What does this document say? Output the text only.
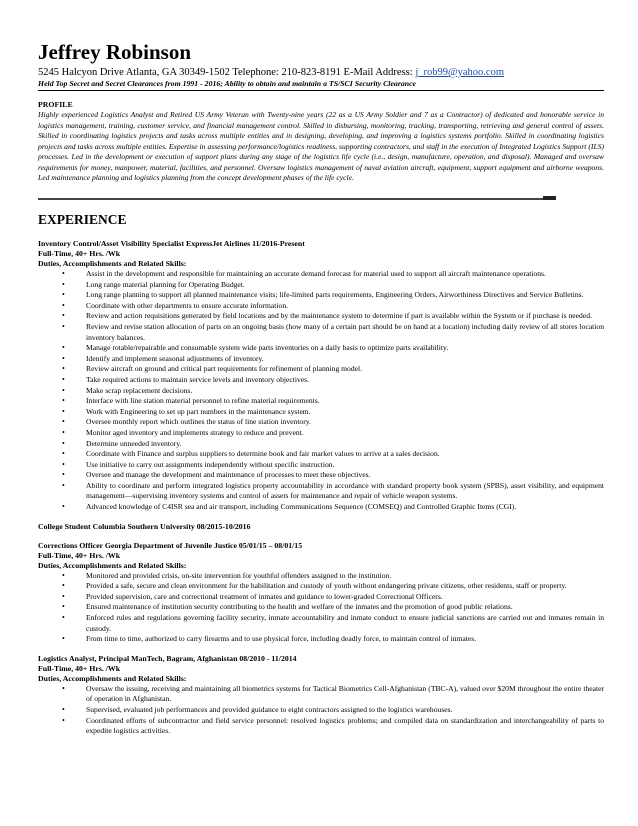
Jeffrey Robinson
5245 Halcyon Drive Atlanta, GA 30349-1502 Telephone: 210-823-8191 E-Mail Address: j_rob99@yahoo.com
Held Top Secret and Secret Clearances from 1991 - 2016; Ability to obtain and maintain a TS/SCI Security Clearance
PROFILE
Highly experienced Logistics Analyst and Retired US Army Veteran with Twenty-nine years (22 as a US Army Soldier and 7 as a Contractor) of dedicated and honorable service in logistics management, training, customer service, and financial management control. Skilled in disbursing, monitoring, tracking, transporting, retrieving and general control of assets. Skilled in coordinating logistics projects and tasks across multiple entities and in designing, developing, and improving a logistics systems portfolio. Skilled in coordinating logistics projects and tasks across multiple entities. Expertise in assessing performance/logistics readiness, supporting contractors, and staff in the execution of Integrated Logistics Support (ILS) processes. Led in the development or execution of support plans during any stage of the logistics life cycle (i.e., design, manufacture, operation, and disposal). Managed and oversaw requirements for money, manpower, material, facilities, and personnel. Oversaw logistics management of naval aviation aircraft, equipment, support equipment and airborne weapons. Led maintenance planning and logistics planning from the concept development phases of the life cycle.
EXPERIENCE
Inventory Control/Asset Visibility Specialist ExpressJet Airlines 11/2016-Present
Full-Time, 40+ Hrs. /Wk
Duties, Accomplishments and Related Skills:
• Assist in the development and responsible for maintaining an accurate demand forecast for material used to support all aircraft maintenance operations.
• Long range material planning for Operating Budget.
• Long range planning to support all planned maintenance visits; life-limited parts requirements, Engineering Orders, Airworthiness Directives and Service Bulletins.
• Coordinate with other departments to ensure accurate information.
• Review and action requisitions generated by field locations and by the maintenance system to determine if part is available within the System or if purchase is needed.
• Review and revise station allocation of parts on an ongoing basis (how many of a certain part should be on hand at a location) including daily review of all stores location inventory balances.
• Manage rotable/repairable and consumable system wide parts inventories on a daily basis to optimize parts availability.
• Identify and implement seasonal adjustments of inventory.
• Review aircraft on ground and critical part requirements for refinement of planning model.
• Take required actions to maintain service levels and inventory objectives.
• Make scrap replacement decisions.
• Interface with line station material personnel to refine material requirements.
• Work with Engineering to set up part numbers in the maintenance system.
• Oversee monthly report which outlines the status of line station inventory.
• Monitor aged inventory and implements strategy to reduce and prevent.
• Determine unneeded inventory.
• Coordinate with Finance and surplus suppliers to determine book and fair market values to arrive at a sales decision.
• Use initiative to carry out assignments independently without specific instruction.
• Oversee and manage the development and maintenance of processes to meet these objectives.
• Ability to coordinate and perform integrated logistics property accountability in accordance with standard property book system (SPBS), asset visibility, and equipment management—supervising inventory systems and control of assets for maintenance and repair of vehicle weapon systems.
• Advanced knowledge of C4ISR sea and air transport, including Communications Sequence (COMSEQ) and Controlled Graphic Items (CGI).
College Student Columbia Southern University 08/2015-10/2016
Corrections Officer Georgia Department of Juvenile Justice 05/01/15 – 08/01/15
Full-Time, 40+ Hrs. /Wk
Duties, Accomplishments and Related Skills:
• Monitored and provided crisis, on-site intervention for youthful offenders assigned to the institution.
• Provided a safe, secure and clean environment for the habilitation and custody of youth without endangering private citizens, other residents, staff or property.
• Provided supervision, care and correctional treatment of inmates and guidance to lower-graded Correctional Officers.
• Ensured maintenance of institution security contributing to the health and welfare of the inmates and the promotion of good public relations.
• Enforced rules and regulations governing facility security, inmate accountability and inmate conduct to ensure judicial sanctions are carried out and inmates remain in custody.
• From time to time, authorized to carry firearms and to use physical force, including deadly force, to maintain control of inmates.
Logistics Analyst, Principal ManTech, Bagram, Afghanistan 08/2010 - 11/2014
Full-Time, 40+ Hrs. /Wk
Duties, Accomplishments and Related Skills:
• Oversaw the issuing, receiving and maintaining all biometrics systems for Tactical Biometrics Cell-Afghanistan (TBC-A), valued over $20M throughout the entire theater of operation in Afghanistan.
• Supervised, evaluated job performances and provided guidance to eight contractors assigned to the logistics warehouses.
• Coordinated efforts of subcontractor and field service personnel: resolved logistics problems; and compiled data on standardization and interchangeability of parts to expedite logistics activities.
